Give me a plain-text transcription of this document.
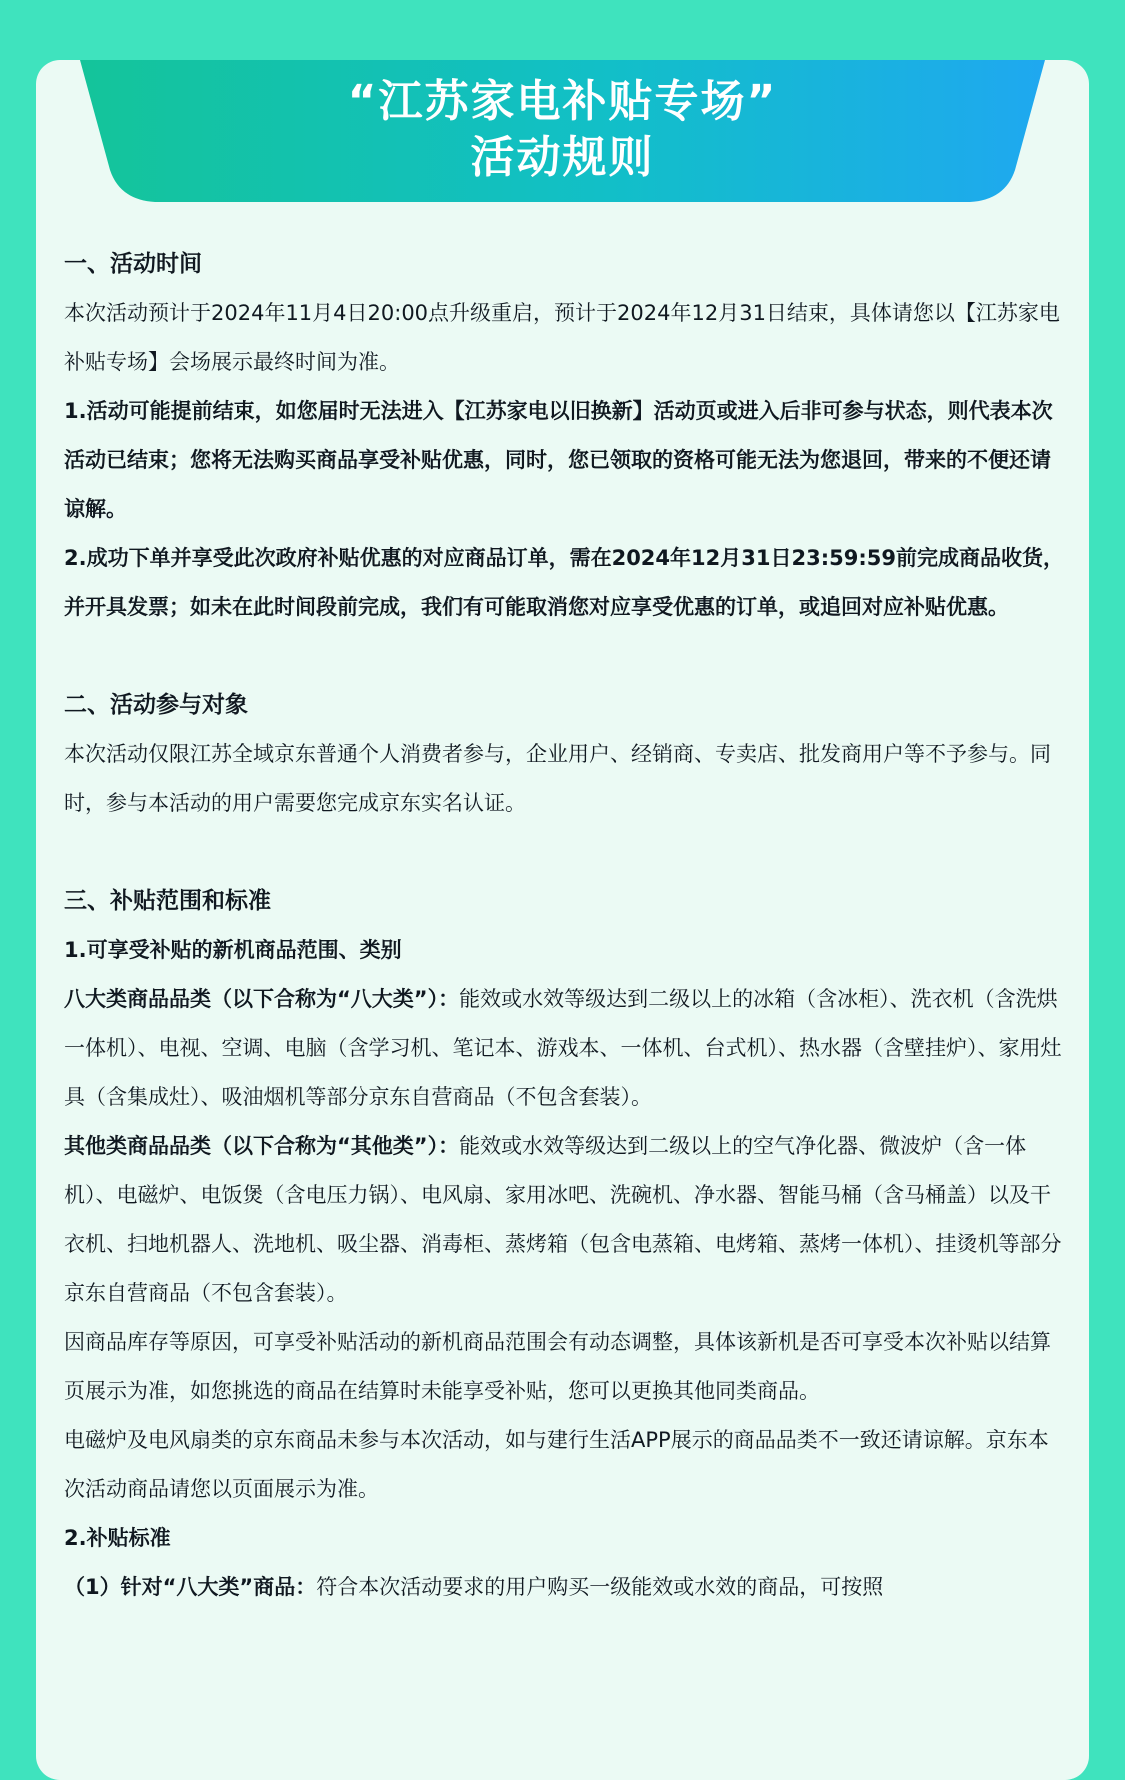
“江苏家电补贴专场”
活动规则
一、活动时间
本次活动预计于2024年11月4日20:00点升级重启，预计于2024年12月31日结束，具体请您以【江苏家电补贴专场】会场展示最终时间为准。
1.活动可能提前结束，如您届时无法进入【江苏家电以旧换新】活动页或进入后非可参与状态，则代表本次活动已结束；您将无法购买商品享受补贴优惠，同时，您已领取的资格可能无法为您退回，带来的不便还请谅解。
2.成功下单并享受此次政府补贴优惠的对应商品订单，需在2024年12月31日23:59:59前完成商品收货，并开具发票；如未在此时间段前完成，我们有可能取消您对应享受优惠的订单，或追回对应补贴优惠。
二、活动参与对象
本次活动仅限江苏全域京东普通个人消费者参与，企业用户、经销商、专卖店、批发商用户等不予参与。同时，参与本活动的用户需要您完成京东实名认证。
三、补贴范围和标准
1.可享受补贴的新机商品范围、类别
八大类商品品类（以下合称为“八大类”）：能效或水效等级达到二级以上的冰箱（含冰柜）、洗衣机（含洗烘一体机）、电视、空调、电脑（含学习机、笔记本、游戏本、一体机、台式机）、热水器（含壁挂炉）、家用灶具（含集成灶）、吸油烟机等部分京东自营商品（不包含套装）。
其他类商品品类（以下合称为“其他类”）：能效或水效等级达到二级以上的空气净化器、微波炉（含一体机）、电磁炉、电饭煲（含电压力锅）、电风扇、家用冰吧、洗碗机、净水器、智能马桶（含马桶盖）以及干衣机、扫地机器人、洗地机、吸尘器、消毒柜、蒸烤箱（包含电蒸箱、电烤箱、蒸烤一体机）、挂烫机等部分京东自营商品（不包含套装）。
因商品库存等原因，可享受补贴活动的新机商品范围会有动态调整，具体该新机是否可享受本次补贴以结算页展示为准，如您挑选的商品在结算时未能享受补贴，您可以更换其他同类商品。
电磁炉及电风扇类的京东商品未参与本次活动，如与建行生活APP展示的商品品类不一致还请谅解。京东本次活动商品请您以页面展示为准。
2.补贴标准
（1）针对“八大类”商品：符合本次活动要求的用户购买一级能效或水效的商品，可按照
